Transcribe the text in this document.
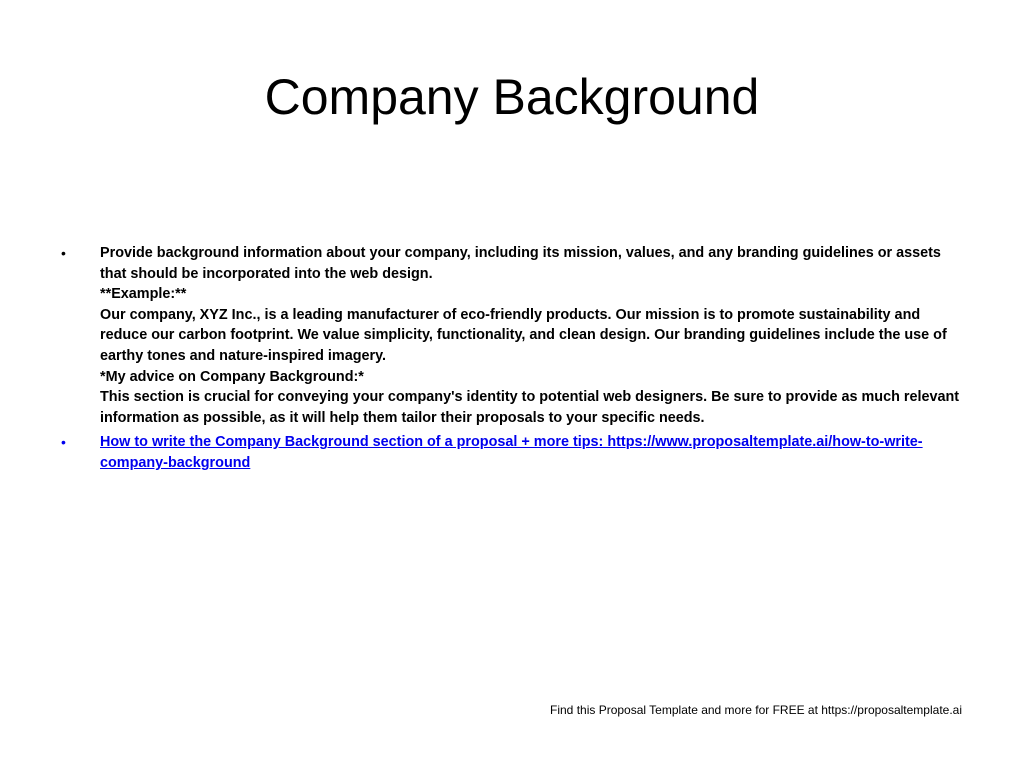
Company Background
• Provide background information about your company, including its mission, values, and any branding guidelines or assets that should be incorporated into the web design.
**Example:**
Our company, XYZ Inc., is a leading manufacturer of eco-friendly products. Our mission is to promote sustainability and reduce our carbon footprint. We value simplicity, functionality, and clean design. Our branding guidelines include the use of earthy tones and nature-inspired imagery.
*My advice on Company Background:*
This section is crucial for conveying your company's identity to potential web designers. Be sure to provide as much relevant information as possible, as it will help them tailor their proposals to your specific needs.
• How to write the Company Background section of a proposal + more tips: https://www.proposaltemplate.ai/how-to-write-company-background
Find this Proposal Template and more for FREE at https://proposaltemplate.ai
